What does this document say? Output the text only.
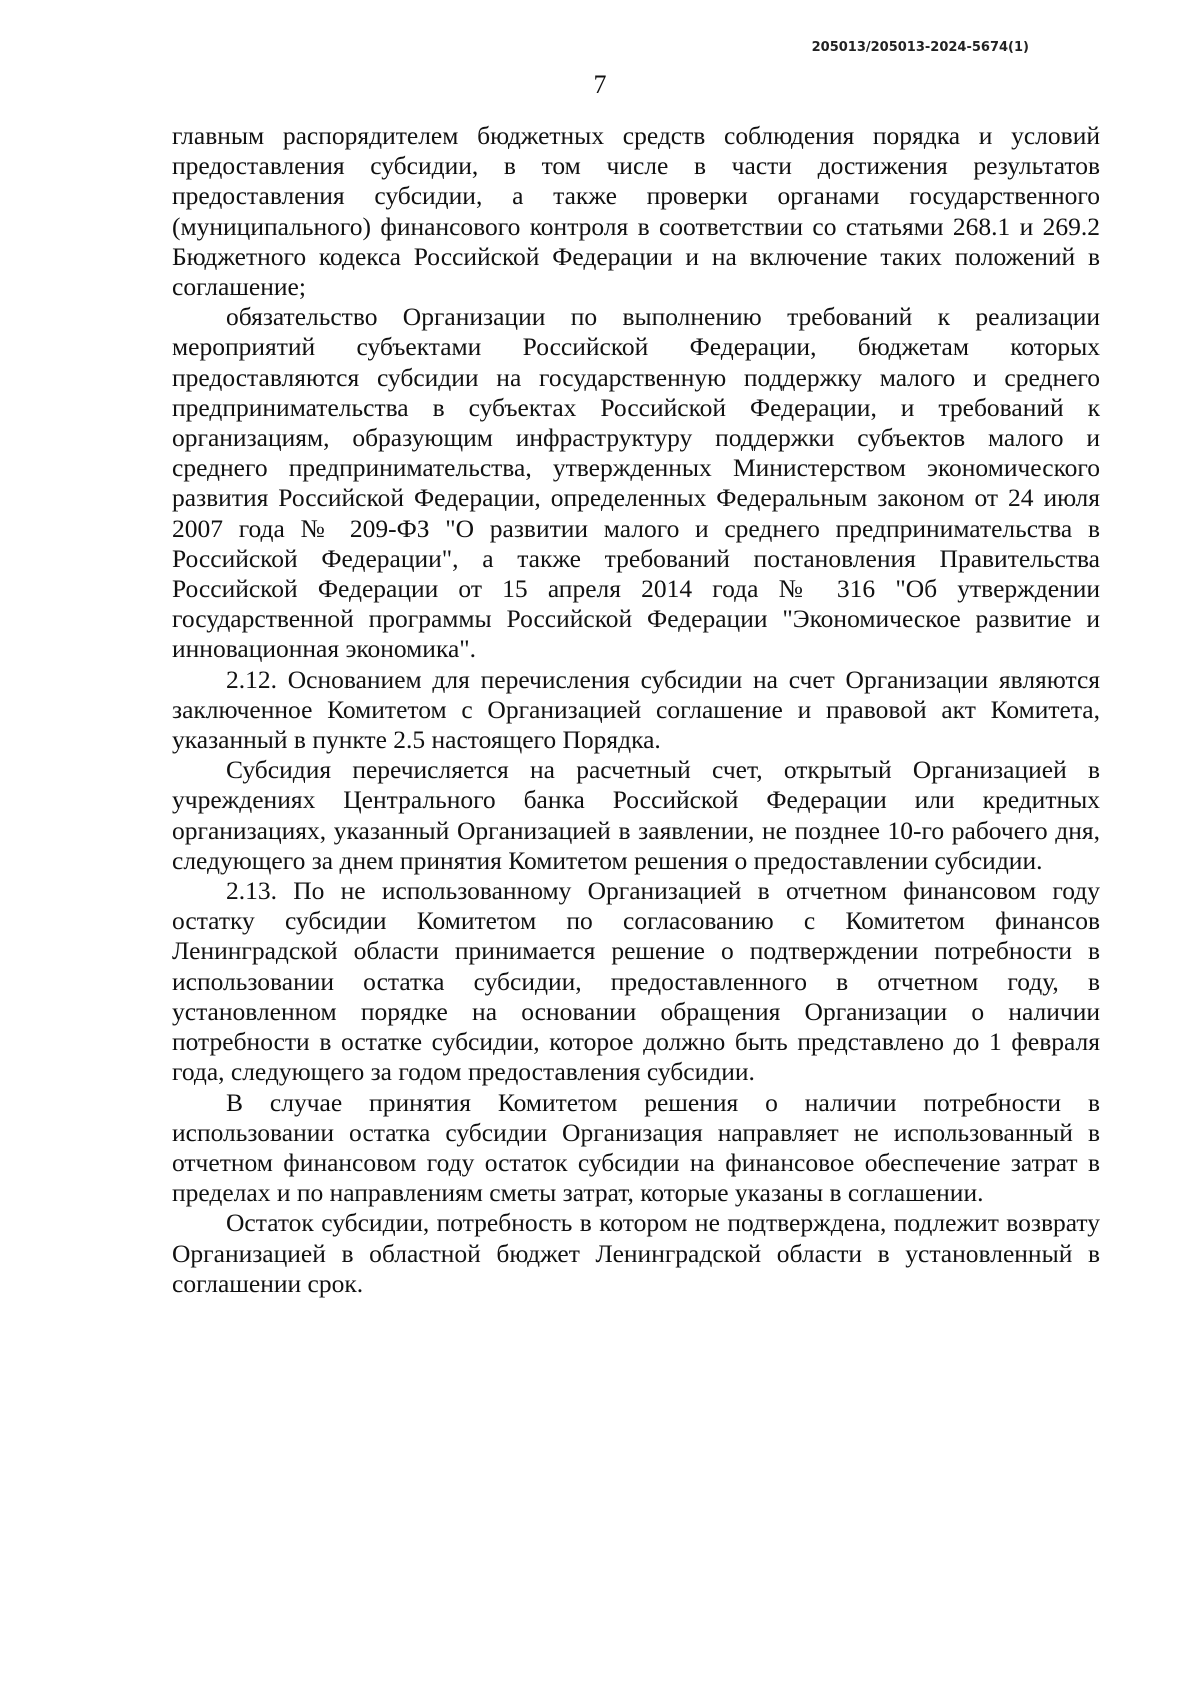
205013/205013-2024-5674(1)
7

главным распорядителем бюджетных средств соблюдения порядка и условий предоставления субсидии, в том числе в части достижения результатов предоставления субсидии, а также проверки органами государственного (муниципального) финансового контроля в соответствии со статьями 268.1 и 269.2 Бюджетного кодекса Российской Федерации и на включение таких положений в соглашение;

обязательство Организации по выполнению требований к реализации мероприятий субъектами Российской Федерации, бюджетам которых предоставляются субсидии на государственную поддержку малого и среднего предпринимательства в субъектах Российской Федерации, и требований к организациям, образующим инфраструктуру поддержки субъектов малого и среднего предпринимательства, утвержденных Министерством экономического развития Российской Федерации, определенных Федеральным законом от 24 июля 2007 года № 209-ФЗ "О развитии малого и среднего предпринимательства в Российской Федерации", а также требований постановления Правительства Российской Федерации от 15 апреля 2014 года № 316 "Об утверждении государственной программы Российской Федерации "Экономическое развитие и инновационная экономика".

2.12. Основанием для перечисления субсидии на счет Организации являются заключенное Комитетом с Организацией соглашение и правовой акт Комитета, указанный в пункте 2.5 настоящего Порядка.

Субсидия перечисляется на расчетный счет, открытый Организацией в учреждениях Центрального банка Российской Федерации или кредитных организациях, указанный Организацией в заявлении, не позднее 10-го рабочего дня, следующего за днем принятия Комитетом решения о предоставлении субсидии.

2.13. По не использованному Организацией в отчетном финансовом году остатку субсидии Комитетом по согласованию с Комитетом финансов Ленинградской области принимается решение о подтверждении потребности в использовании остатка субсидии, предоставленного в отчетном году, в установленном порядке на основании обращения Организации о наличии потребности в остатке субсидии, которое должно быть представлено до 1 февраля года, следующего за годом предоставления субсидии.

В случае принятия Комитетом решения о наличии потребности в использовании остатка субсидии Организация направляет не использованный в отчетном финансовом году остаток субсидии на финансовое обеспечение затрат в пределах и по направлениям сметы затрат, которые указаны в соглашении.

Остаток субсидии, потребность в котором не подтверждена, подлежит возврату Организацией в областной бюджет Ленинградской области в установленный в соглашении срок.
